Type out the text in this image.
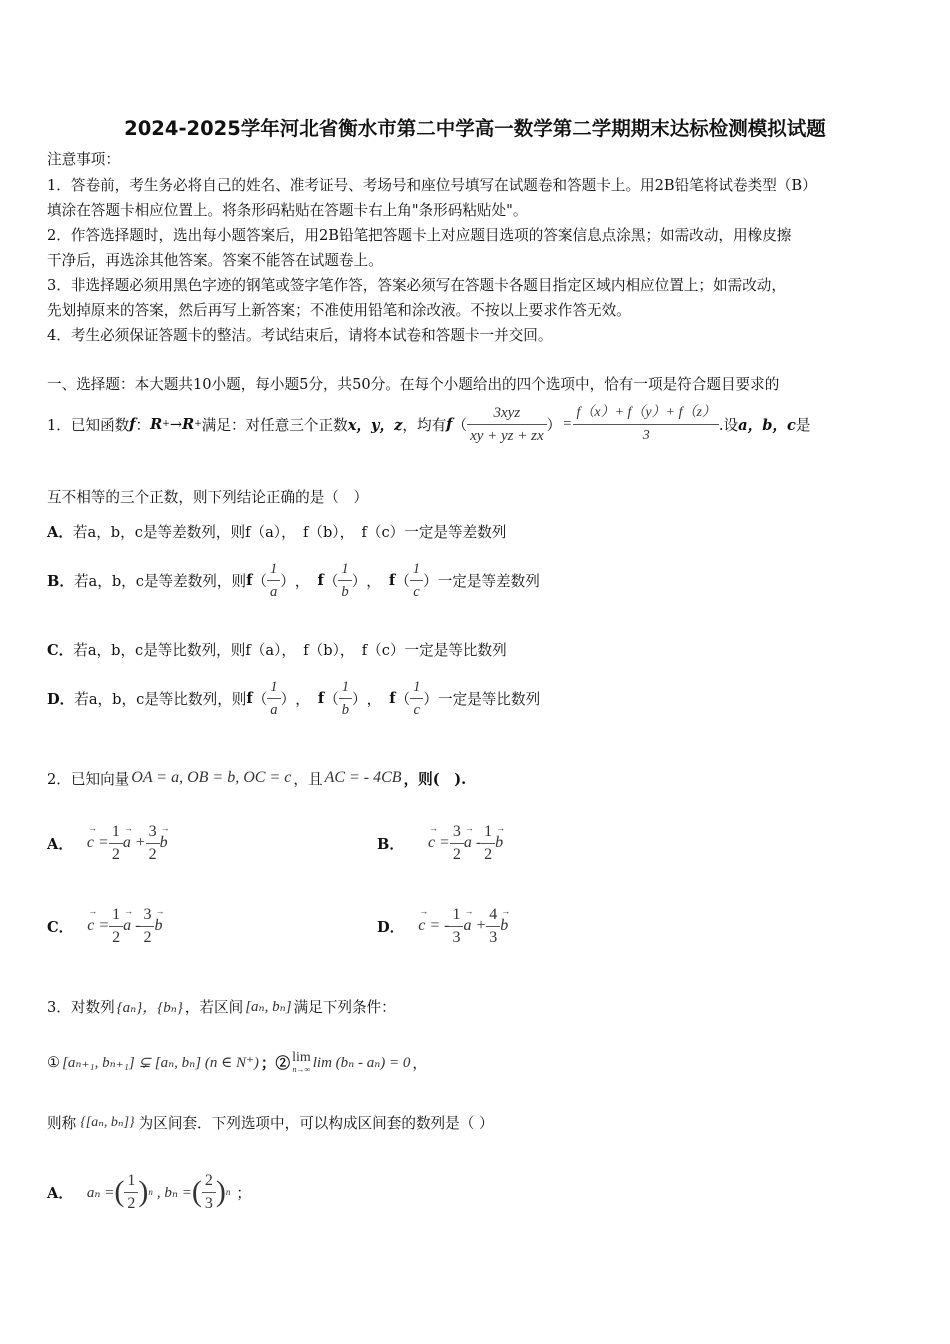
2024-2025学年河北省衡水市第二中学高一数学第二学期期末达标检测模拟试题
注意事项：
1．答卷前，考生务必将自己的姓名、准考证号、考场号和座位号填写在试题卷和答题卡上。用2B铅笔将试卷类型（B）
填涂在答题卡相应位置上。将条形码粘贴在答题卡右上角"条形码粘贴处"。
2．作答选择题时，选出每小题答案后，用2B铅笔把答题卡上对应题目选项的答案信息点涂黑；如需改动，用橡皮擦
干净后，再选涂其他答案。答案不能答在试题卷上。
3．非选择题必须用黑色字迹的钢笔或签字笔作答，答案必须写在答题卡各题目指定区域内相应位置上；如需改动，
先划掉原来的答案，然后再写上新答案；不准使用铅笔和涂改液。不按以上要求作答无效。
4．考生必须保证答题卡的整洁。考试结束后，请将本试卷和答题卡一并交回。
一、选择题：本大题共10小题，每小题5分，共50分。在每个小题给出的四个选项中，恰有一项是符合题目要求的
1．已知函数 f ： R + → R + 满足：对任意三个正数 x，y，z ，均有 f （ $\frac{\text{3xyz}}{xy + yz + zx}$ ） = $\frac{f(x)+ f(y)+ f(z)}{3}$ .设 a，b，c 是
互不相等的三个正数，则下列结论正确的是（　）
A．若a，b，c是等差数列，则f（a），　f（b），　f（c）一定是等差数列
B． 若a，b，c是等差数列，则 f （ $\frac{1}{a}$ ） ， f （ $\frac{1}{b}$ ） ， f （ $\frac{1}{c}$ ） 一定是等差数列
C．若a，b，c是等比数列，则f（a），　f（b），　f（c）一定是等比数列
D． 若a，b，c是等比数列，则 f （ $\frac{1}{a}$ ） ， f （ $\frac{1}{b}$ ） ， f （ $\frac{1}{c}$ ） 一定是等比数列
2．已知向量 OA = a, OB = b, OC = c ，且 AC = - 4CB ，则(　).
A．
→ $c = \frac{1}{2}$
→ $a + \frac{3}{2}$
→ b	B．
→ $c = \frac{3}{2}$
→ a - $\frac{1}{2}$
→ b
C．
→ $c = \frac{1}{2}$
→ a - $\frac{3}{2}$
→ b	D．
→ c = - $\frac{1}{3}$
→ $a + \frac{4}{3}$
→ b
3．对数列 {aₙ}，{bₙ} ，若区间 [aₙ, bₙ] 满足下列条件：
① [aₙ₊₁, bₙ₊₁] ⊊ [aₙ, bₙ] (n ∈ N⁺) ；② lim
n→∞ lim (bₙ - aₙ) = 0 ，
则称 {[aₙ, bₙ]} 为区间套．下列选项中，可以构成区间套的数列是（ ）
A． aₙ = ( $\frac{1}{2}$ ) n , bₙ = ( $\frac{2}{3}$ ) n ；
